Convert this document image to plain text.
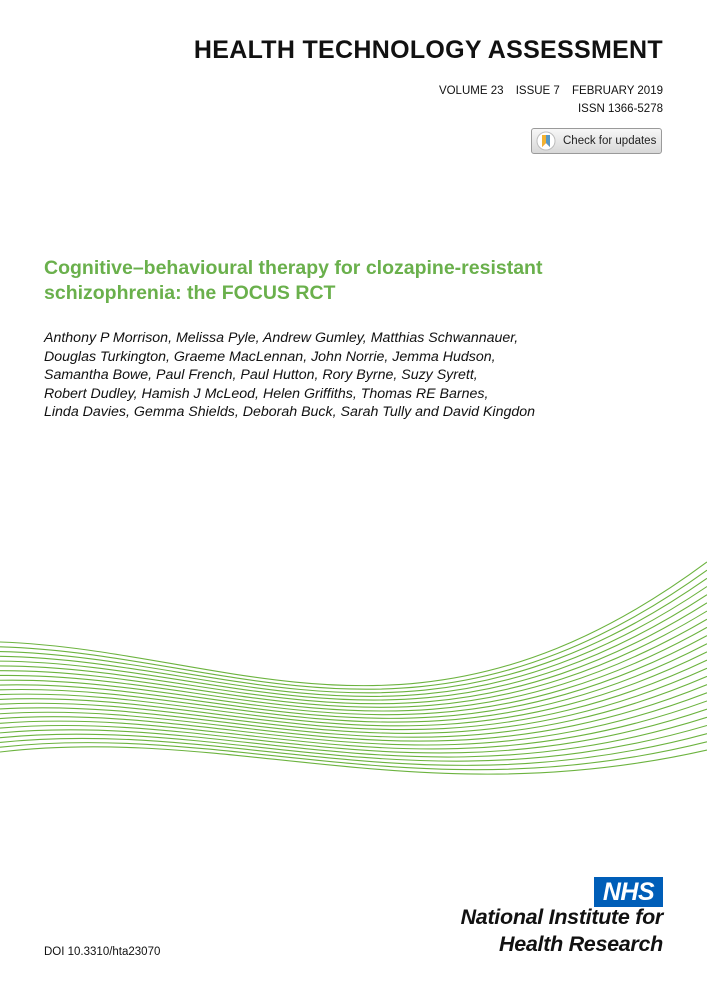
HEALTH TECHNOLOGY ASSESSMENT
VOLUME 23 ISSUE 7 FEBRUARY 2019
ISSN 1366-5278
Check for updates
Cognitive–behavioural therapy for clozapine-resistant
schizophrenia: the FOCUS RCT
Anthony P Morrison, Melissa Pyle, Andrew Gumley, Matthias Schwannauer,
Douglas Turkington, Graeme MacLennan, John Norrie, Jemma Hudson,
Samantha Bowe, Paul French, Paul Hutton, Rory Byrne, Suzy Syrett,
Robert Dudley, Hamish J McLeod, Helen Griffiths, Thomas RE Barnes,
Linda Davies, Gemma Shields, Deborah Buck, Sarah Tully and David Kingdon
NHS
National Institute for
Health Research
DOI 10.3310/hta23070
